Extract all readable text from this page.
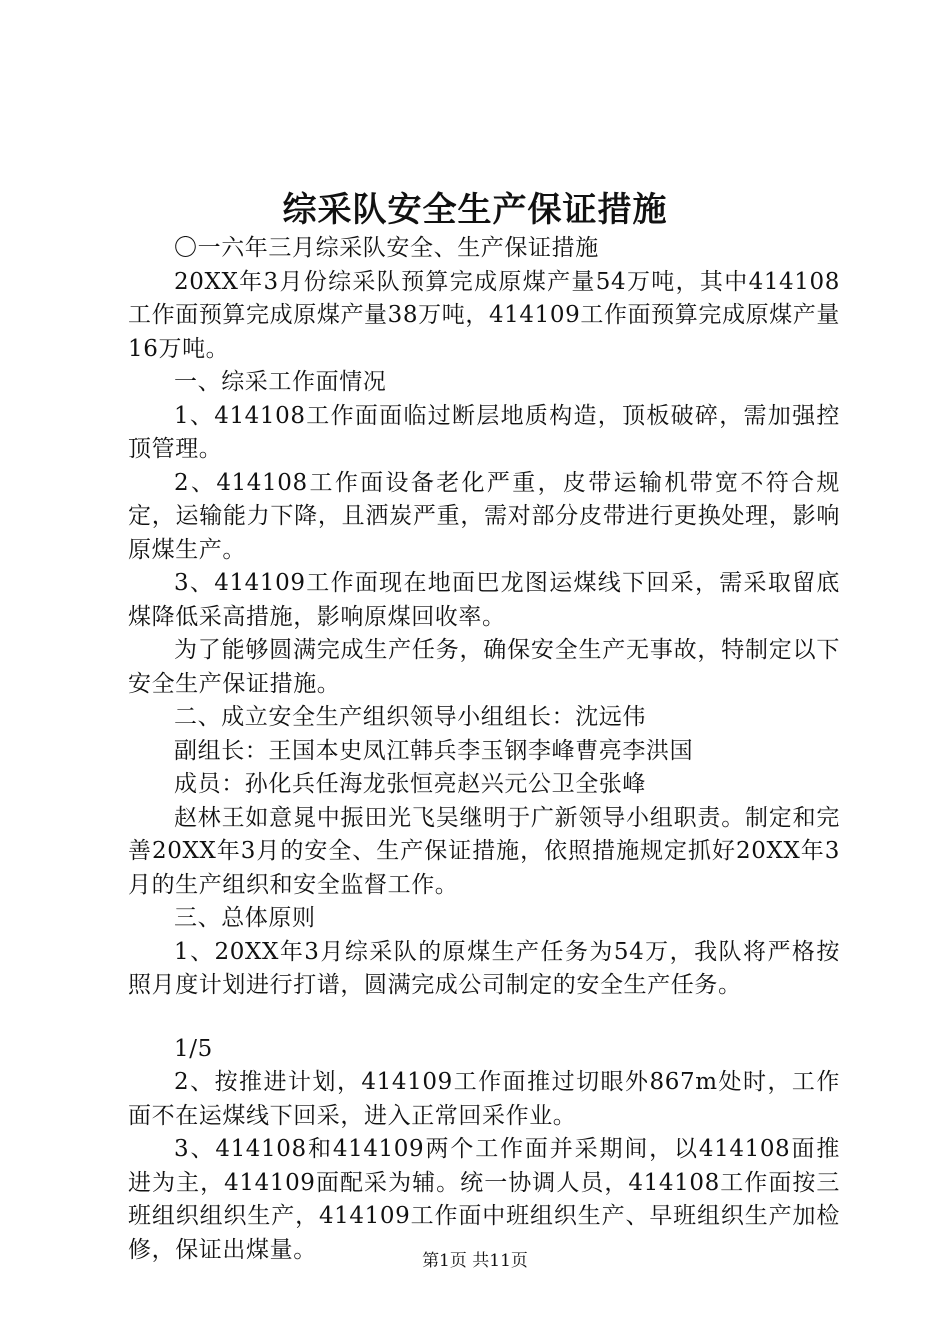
综采队安全生产保证措施

〇一六年三月综采队安全、生产保证措施

20XX年3月份综采队预算完成原煤产量54万吨，其中414108工作面预算完成原煤产量38万吨，414109工作面预算完成原煤产量16万吨。

一、综采工作面情况

1、414108工作面面临过断层地质构造，顶板破碎，需加强控顶管理。

2、414108工作面设备老化严重，皮带运输机带宽不符合规定，运输能力下降，且洒炭严重，需对部分皮带进行更换处理，影响原煤生产。

3、414109工作面现在地面巴龙图运煤线下回采，需采取留底煤降低采高措施，影响原煤回收率。

为了能够圆满完成生产任务，确保安全生产无事故，特制定以下安全生产保证措施。

二、成立安全生产组织领导小组组长：沈远伟

副组长：王国本史凤江韩兵李玉钢李峰曹亮李洪国

成员：孙化兵任海龙张恒亮赵兴元公卫全张峰

赵林王如意晁中振田光飞吴继明于广新领导小组职责。制定和完善20XX年3月的安全、生产保证措施，依照措施规定抓好20XX年3月的生产组织和安全监督工作。

三、总体原则

1、20XX年3月综采队的原煤生产任务为54万，我队将严格按照月度计划进行打谱，圆满完成公司制定的安全生产任务。

1/5

2、按推进计划，414109工作面推过切眼外867m处时，工作面不在运煤线下回采，进入正常回采作业。

3、414108和414109两个工作面并采期间，以414108面推进为主，414109面配采为辅。统一协调人员，414108工作面按三班组织组织生产，414109工作面中班组织生产、早班组织生产加检修，保证出煤量。	第1页 共11页
